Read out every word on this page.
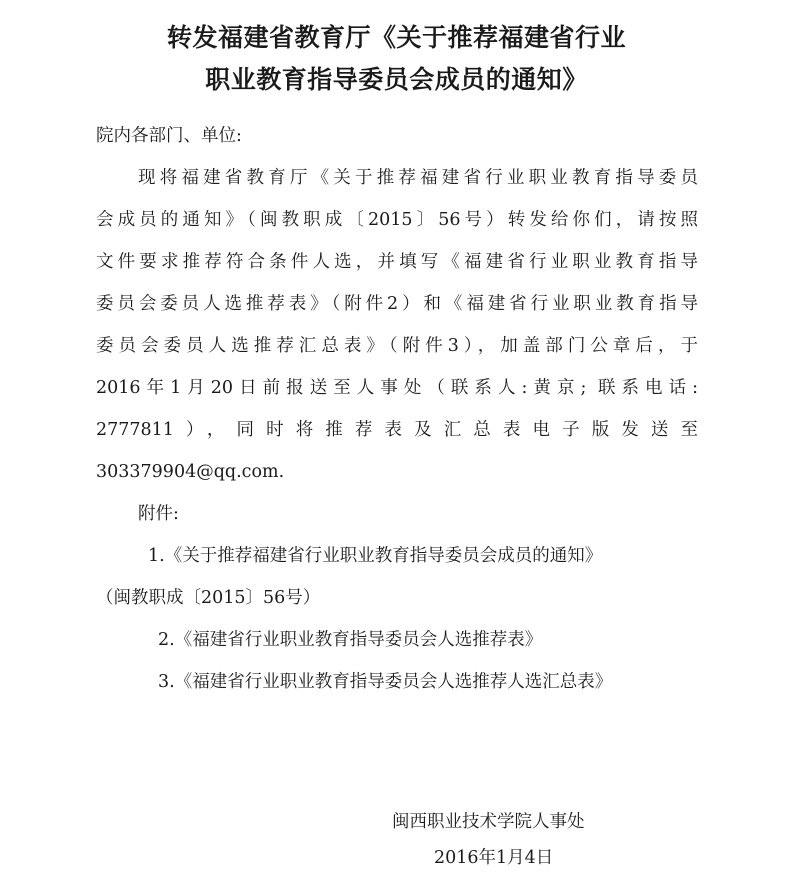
转发福建省教育厅《关于推荐福建省行业
职业教育指导委员会成员的通知》
院内各部门、单位:
现将福建省教育厅《关于推荐福建省行业职业教育指导委员
会成员的通知》（闽教职成〔2015〕56号）转发给你们，请按照
文件要求推荐符合条件人选，并填写《福建省行业职业教育指导
委员会委员人选推荐表》（附件2）和《福建省行业职业教育指导
委员会委员人选推荐汇总表》（附件3），加盖部门公章后，于
2016年1月20日前报送至人事处（联系人:黄京; 联系电话:
2777811），同时将推荐表及汇总表电子版发送至
303379904@qq.com.
附件:
1.《关于推荐福建省行业职业教育指导委员会成员的通知》
（闽教职成〔2015〕56号）
2.《福建省行业职业教育指导委员会人选推荐表》
3.《福建省行业职业教育指导委员会人选推荐人选汇总表》
闽西职业技术学院人事处
2016年1月4日
